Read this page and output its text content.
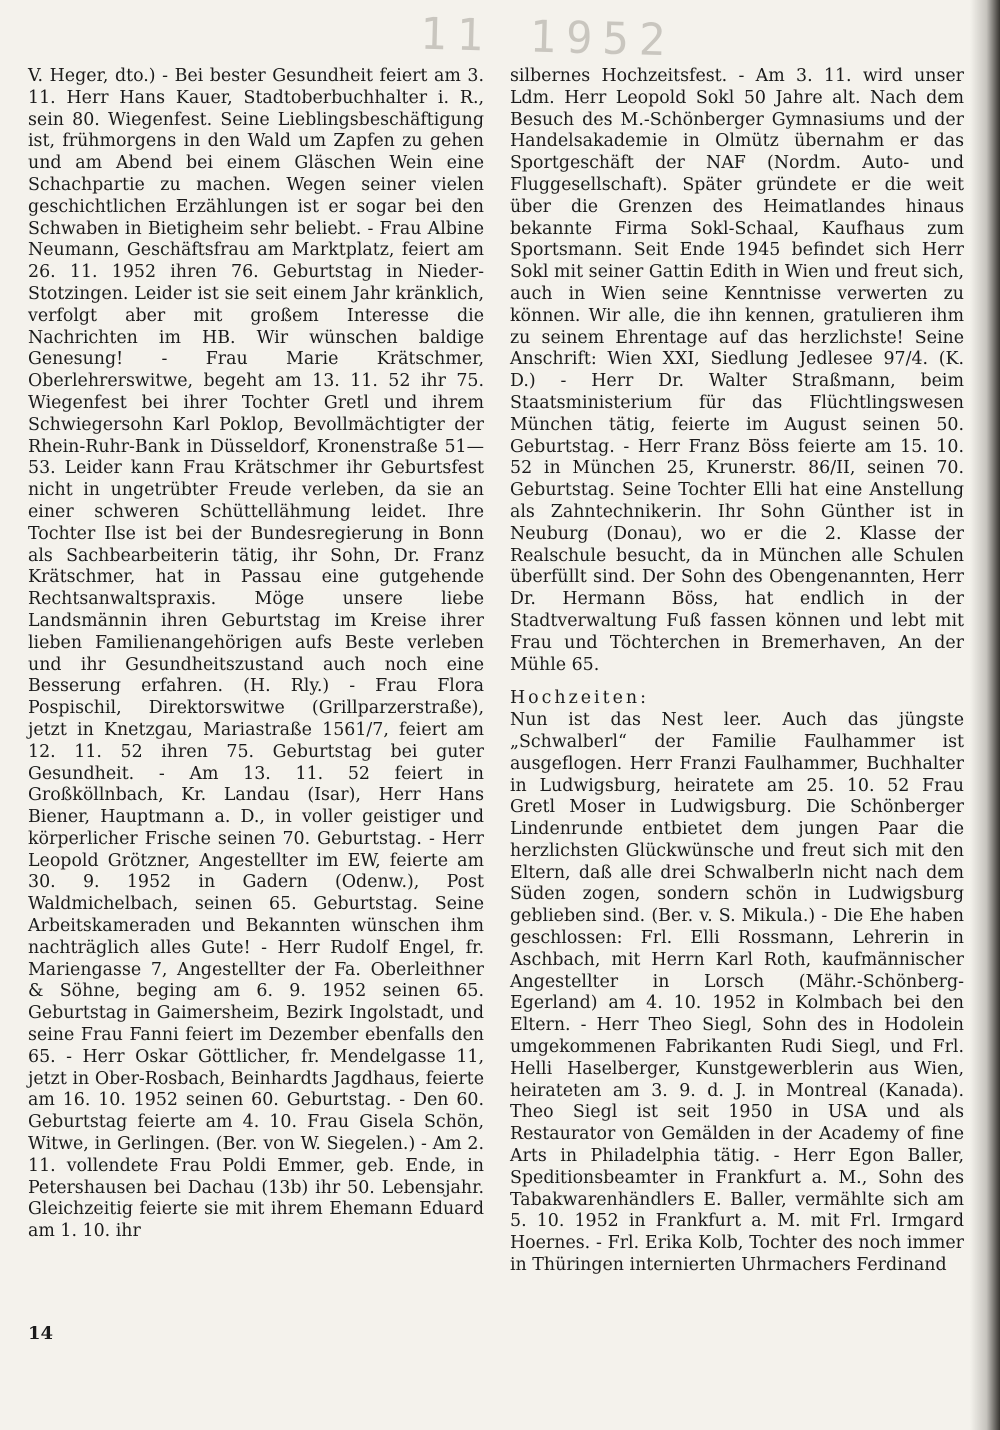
11 1952

V. Heger, dto.) - Bei bester Gesundheit feiert am 3. 11. Herr Hans Kauer, Stadtoberbuchhalter i. R., sein 80. Wiegenfest. Seine Lieblingsbeschäftigung ist, frühmorgens in den Wald um Zapfen zu gehen und am Abend bei einem Gläschen Wein eine Schachpartie zu machen. Wegen seiner vielen geschichtlichen Erzählungen ist er sogar bei den Schwaben in Bietigheim sehr beliebt. - Frau Albine Neumann, Geschäftsfrau am Marktplatz, feiert am 26. 11. 1952 ihren 76. Geburtstag in Nieder-Stotzingen. Leider ist sie seit einem Jahr kränklich, verfolgt aber mit großem Interesse die Nachrichten im HB. Wir wünschen baldige Genesung! - Frau Marie Krätschmer, Oberlehrerswitwe, begeht am 13. 11. 52 ihr 75. Wiegenfest bei ihrer Tochter Gretl und ihrem Schwiegersohn Karl Poklop, Bevollmächtigter der Rhein-Ruhr-Bank in Düsseldorf, Kronenstraße 51—53. Leider kann Frau Krätschmer ihr Geburtsfest nicht in ungetrübter Freude verleben, da sie an einer schweren Schüttellähmung leidet. Ihre Tochter Ilse ist bei der Bundesregierung in Bonn als Sachbearbeiterin tätig, ihr Sohn, Dr. Franz Krätschmer, hat in Passau eine gutgehende Rechtsanwaltspraxis. Möge unsere liebe Landsmännin ihren Geburtstag im Kreise ihrer lieben Familienangehörigen aufs Beste verleben und ihr Gesundheitszustand auch noch eine Besserung erfahren. (H. Rly.) - Frau Flora Pospischil, Direktorswitwe (Grillparzerstraße), jetzt in Knetzgau, Mariastraße 1561/7, feiert am 12. 11. 52 ihren 75. Geburtstag bei guter Gesundheit. - Am 13. 11. 52 feiert in Großköllnbach, Kr. Landau (Isar), Herr Hans Biener, Hauptmann a. D., in voller geistiger und körperlicher Frische seinen 70. Geburtstag. - Herr Leopold Grötzner, Angestellter im EW, feierte am 30. 9. 1952 in Gadern (Odenw.), Post Waldmichelbach, seinen 65. Geburtstag. Seine Arbeitskameraden und Bekannten wünschen ihm nachträglich alles Gute! - Herr Rudolf Engel, fr. Mariengasse 7, Angestellter der Fa. Oberleithner & Söhne, beging am 6. 9. 1952 seinen 65. Geburtstag in Gaimersheim, Bezirk Ingolstadt, und seine Frau Fanni feiert im Dezember ebenfalls den 65. - Herr Oskar Göttlicher, fr. Mendelgasse 11, jetzt in Ober-Rosbach, Beinhardts Jagdhaus, feierte am 16. 10. 1952 seinen 60. Geburtstag. - Den 60. Geburtstag feierte am 4. 10. Frau Gisela Schön, Witwe, in Gerlingen. (Ber. von W. Siegelen.) - Am 2. 11. vollendete Frau Poldi Emmer, geb. Ende, in Petershausen bei Dachau (13b) ihr 50. Lebensjahr. Gleichzeitig feierte sie mit ihrem Ehemann Eduard am 1. 10. ihr

silbernes Hochzeitsfest. - Am 3. 11. wird unser Ldm. Herr Leopold Sokl 50 Jahre alt. Nach dem Besuch des M.-Schönberger Gymnasiums und der Handelsakademie in Olmütz übernahm er das Sportgeschäft der NAF (Nordm. Auto- und Fluggesellschaft). Später gründete er die weit über die Grenzen des Heimatlandes hinaus bekannte Firma Sokl-Schaal, Kaufhaus zum Sportsmann. Seit Ende 1945 befindet sich Herr Sokl mit seiner Gattin Edith in Wien und freut sich, auch in Wien seine Kenntnisse verwerten zu können. Wir alle, die ihn kennen, gratulieren ihm zu seinem Ehrentage auf das herzlichste! Seine Anschrift: Wien XXI, Siedlung Jedlesee 97/4. (K. D.) - Herr Dr. Walter Straßmann, beim Staatsministerium für das Flüchtlingswesen München tätig, feierte im August seinen 50. Geburtstag. - Herr Franz Böss feierte am 15. 10. 52 in München 25, Krunerstr. 86/II, seinen 70. Geburtstag. Seine Tochter Elli hat eine Anstellung als Zahntechnikerin. Ihr Sohn Günther ist in Neuburg (Donau), wo er die 2. Klasse der Realschule besucht, da in München alle Schulen überfüllt sind. Der Sohn des Obengenannten, Herr Dr. Hermann Böss, hat endlich in der Stadtverwaltung Fuß fassen können und lebt mit Frau und Töchterchen in Bremerhaven, An der Mühle 65.

Hochzeiten:

Nun ist das Nest leer. Auch das jüngste „Schwalberl“ der Familie Faulhammer ist ausgeflogen. Herr Franzi Faulhammer, Buchhalter in Ludwigsburg, heiratete am 25. 10. 52 Frau Gretl Moser in Ludwigsburg. Die Schönberger Lindenrunde entbietet dem jungen Paar die herzlichsten Glückwünsche und freut sich mit den Eltern, daß alle drei Schwalberln nicht nach dem Süden zogen, sondern schön in Ludwigsburg geblieben sind. (Ber. v. S. Mikula.) - Die Ehe haben geschlossen: Frl. Elli Rossmann, Lehrerin in Aschbach, mit Herrn Karl Roth, kaufmännischer Angestellter in Lorsch (Mähr.-Schönberg-Egerland) am 4. 10. 1952 in Kolmbach bei den Eltern. - Herr Theo Siegl, Sohn des in Hodolein umgekommenen Fabrikanten Rudi Siegl, und Frl. Helli Haselberger, Kunstgewerblerin aus Wien, heirateten am 3. 9. d. J. in Montreal (Kanada). Theo Siegl ist seit 1950 in USA und als Restaurator von Gemälden in der Academy of fine Arts in Philadelphia tätig. - Herr Egon Baller, Speditionsbeamter in Frankfurt a. M., Sohn des Tabakwarenhändlers E. Baller, vermählte sich am 5. 10. 1952 in Frankfurt a. M. mit Frl. Irmgard Hoernes. - Frl. Erika Kolb, Tochter des noch immer in Thüringen internierten Uhrmachers Ferdinand

14
